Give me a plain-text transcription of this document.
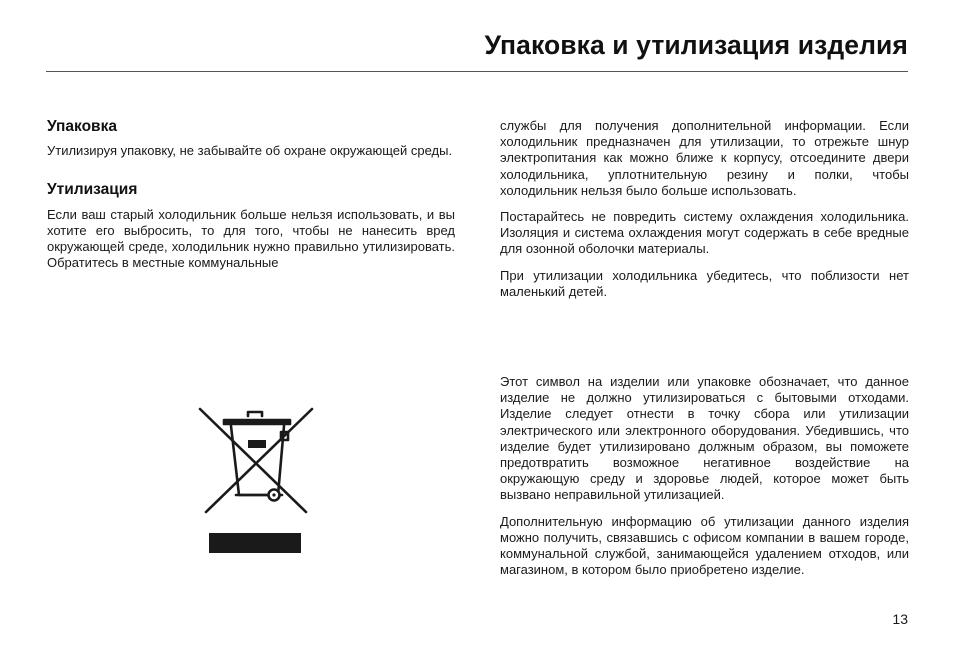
Упаковка и утилизация изделия
Упаковка

Утилизируя упаковку, не забывайте об охране окружающей среды.

Утилизация

Если ваш старый холодильник больше нельзя использовать, и вы хотите его выбросить, то для того, чтобы не нанесить вред окружающей среде, холодильник нужно правильно утилизировать. Обратитесь в местные коммунальные

службы для получения дополнительной информации. Если холодильник предназначен для утилизации, то отрежьте шнур электропитания как можно ближе к корпусу, отсоедините двери холодильника, уплотнительную резину и полки, чтобы холодильник нельзя было больше использовать.

Постарайтесь не повредить систему охлаждения холодильника. Изоляция и система охлаждения могут содержать в себе вредные для озонной оболочки материалы.

При утилизации холодильника убедитесь, что поблизости нет маленький детей.

Этот символ на изделии или упаковке обозначает, что данное изделие не должно утилизироваться с бытовыми отходами. Изделие следует отнести в точку сбора или утилизации электрического или электронного оборудования. Убедившись, что изделие будет утилизировано должным образом, вы поможете предотвратить возможное негативное воздействие на окружающую среду и здоровье людей, которое может быть вызвано неправильной утилизацией.

Дополнительную информацию об утилизации данного изделия можно получить, связавшись с офисом компании в вашем городе, коммунальной службой, занимающейся удалением отходов, или магазином, в котором было приобретено изделие.

13
